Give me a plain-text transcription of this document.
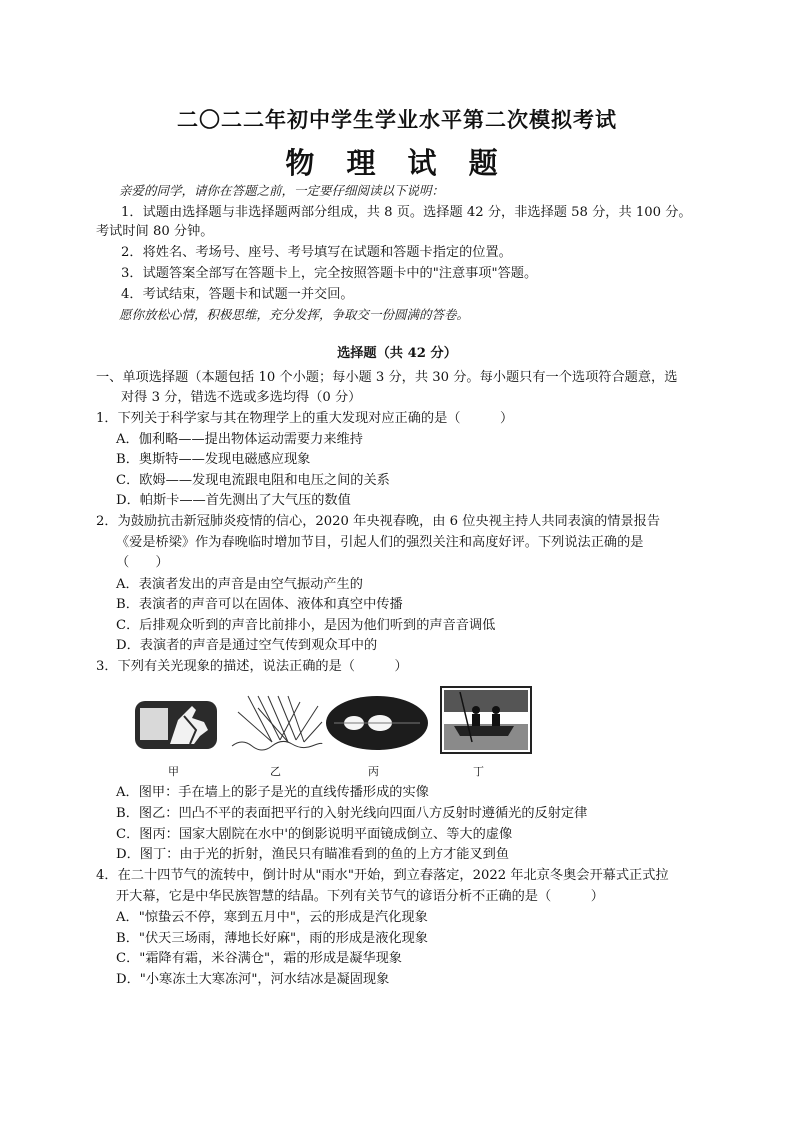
二〇二二年初中学生学业水平第二次模拟考试
物 理 试 题
亲爱的同学，请你在答题之前，一定要仔细阅读以下说明：
1．试题由选择题与非选择题两部分组成，共 8 页。选择题 42 分，非选择题 58 分，共 100 分。
考试时间 80 分钟。
2．将姓名、考场号、座号、考号填写在试题和答题卡指定的位置。
3．试题答案全部写在答题卡上，完全按照答题卡中的"注意事项"答题。
4．考试结束，答题卡和试题一并交回。
愿你放松心情，积极思维，充分发挥，争取交一份圆满的答卷。
选择题（共 42 分）
一、单项选择题（本题包括 10 个小题；每小题 3 分，共 30 分。每小题只有一个选项符合题意，选
对得 3 分，错选不选或多选均得（0 分）
1．下列关于科学家与其在物理学上的重大发现对应正确的是（　　　）
A．伽利略——提出物体运动需要力来维持
B．奥斯特——发现电磁感应现象
C．欧姆——发现电流跟电阻和电压之间的关系
D．帕斯卡——首先测出了大气压的数值
2．为鼓励抗击新冠肺炎疫情的信心，2020 年央视春晚，由 6 位央视主持人共同表演的情景报告
《爱是桥梁》作为春晚临时增加节目，引起人们的强烈关注和高度好评。下列说法正确的是
（　　）
A．表演者发出的声音是由空气振动产生的
B．表演者的声音可以在固体、液体和真空中传播
C．后排观众听到的声音比前排小，是因为他们听到的声音音调低
D．表演者的声音是通过空气传到观众耳中的
3．下列有关光现象的描述，说法正确的是（　　　）
甲	乙	丙	丁
A．图甲：手在墙上的影子是光的直线传播形成的实像
B．图乙：凹凸不平的表面把平行的入射光线向四面八方反射时遵循光的反射定律
C．图丙：国家大剧院在水中'的倒影说明平面镜成倒立、等大的虚像
D．图丁：由于光的折射，渔民只有瞄准看到的鱼的上方才能叉到鱼
4．在二十四节气的流转中，倒计时从"雨水"开始，到立春落定，2022 年北京冬奥会开幕式正式拉
开大幕，它是中华民族智慧的结晶。下列有关节气的谚语分析不正确的是（　　　）
A．"惊蛰云不停，寒到五月中"，云的形成是汽化现象
B．"伏天三场雨，薄地长好麻"，雨的形成是液化现象
C．"霜降有霜，米谷满仓"，霜的形成是凝华现象
D．"小寒冻土大寒冻河"，河水结冰是凝固现象
